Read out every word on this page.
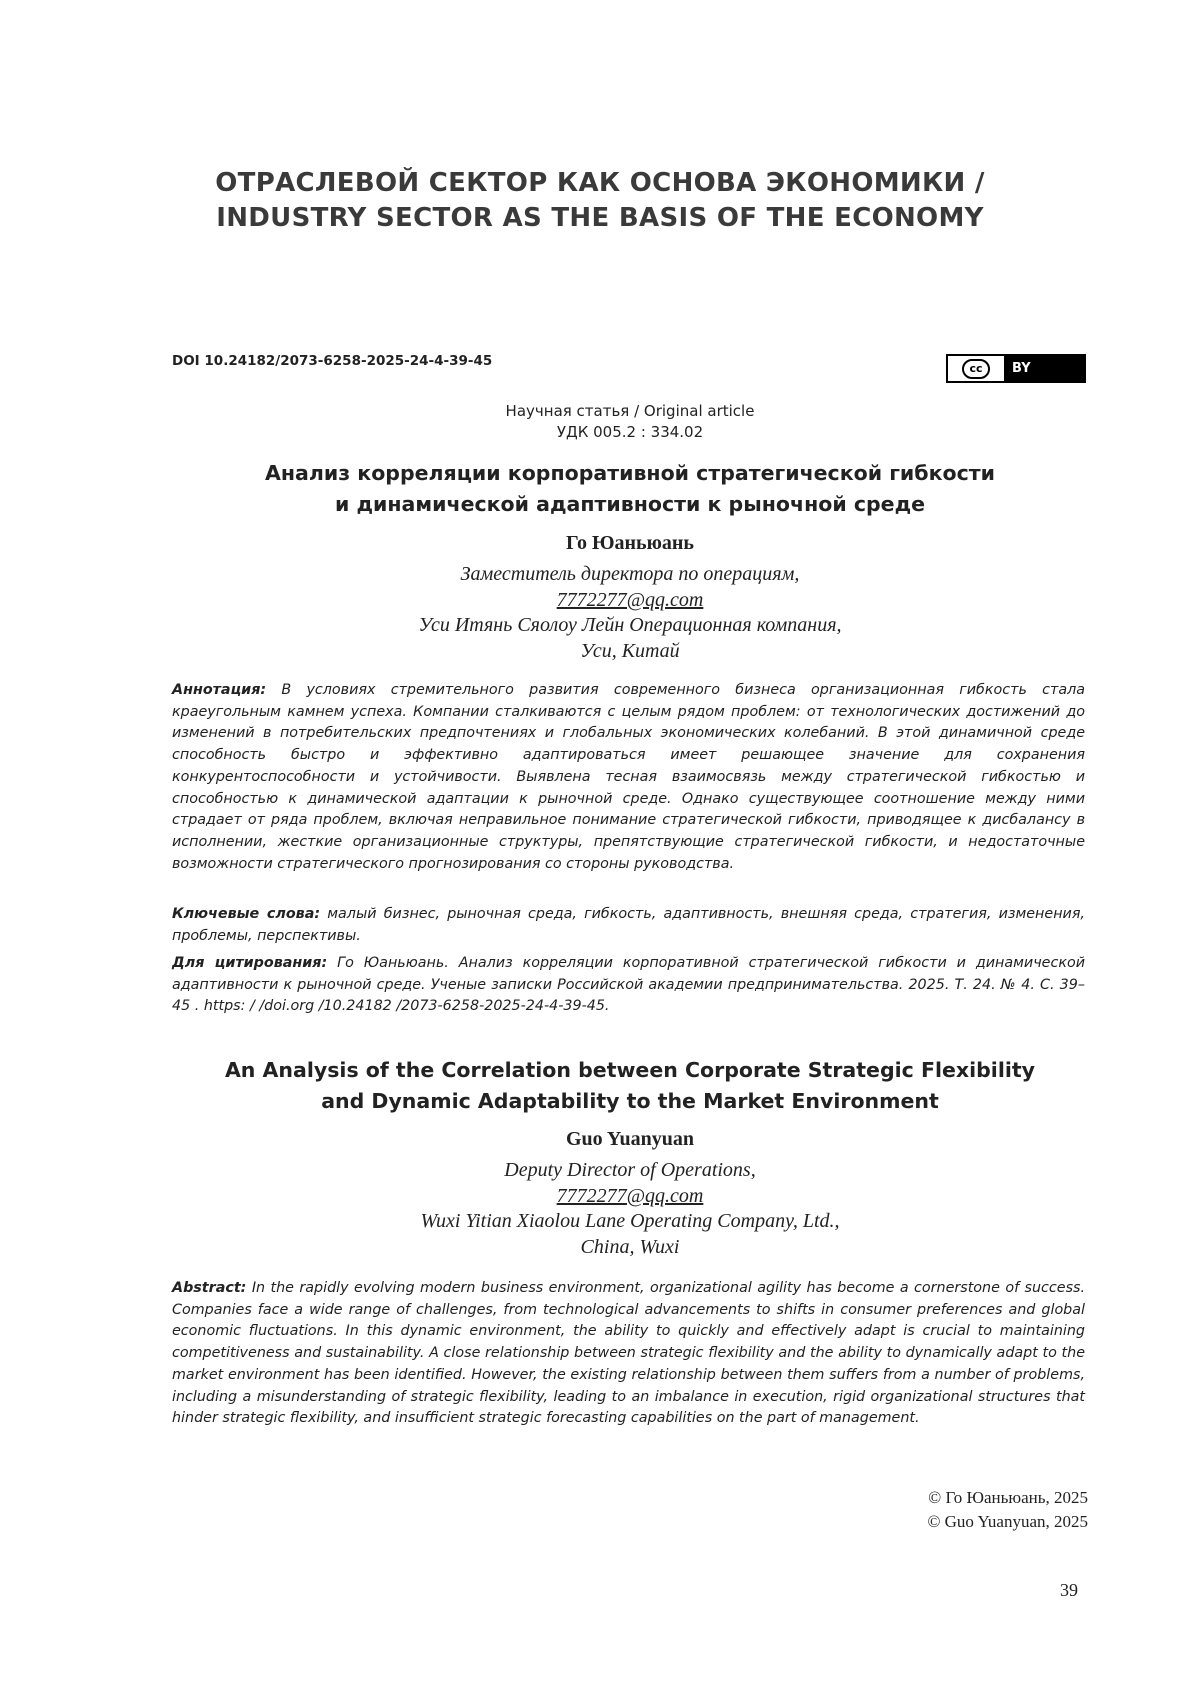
ОТРАСЛЕВОЙ СЕКТОР КАК ОСНОВА ЭКОНОМИКИ /
INDUSTRY SECTOR AS THE BASIS OF THE ECONOMY
DOI 10.24182/2073-6258-2025-24-4-39-45	cc	BY
Научная статья / Original article
УДК 005.2 : 334.02
Анализ корреляции корпоративной стратегической гибкости
и динамической адаптивности к рыночной среде
Го Юаньюань
Заместитель директора по операциям,
7772277@qq.com
Уси Итянь Сяолоу Лейн Операционная компания,
Уси, Китай
Аннотация: В условиях стремительного развития современного бизнеса организационная гибкость стала краеугольным камнем успеха. Компании сталкиваются с целым рядом проблем: от технологических достижений до изменений в потребительских предпочтениях и глобальных экономических колебаний. В этой динамичной среде способность быстро и эффективно адаптироваться имеет решающее значение для сохранения конкурентоспособности и устойчивости. Выявлена тесная взаимосвязь между стратегической гибкостью и способностью к динамической адаптации к рыночной среде. Однако существующее соотношение между ними страдает от ряда проблем, включая неправильное понимание стратегической гибкости, приводящее к дисбалансу в исполнении, жесткие организационные структуры, препятствующие стратегической гибкости, и недостаточные возможности стратегического прогнозирования со стороны руководства.
Ключевые слова: малый бизнес, рыночная среда, гибкость, адаптивность, внешняя среда, стратегия, изменения, проблемы, перспективы.
Для цитирования: Го Юаньюань. Анализ корреляции корпоративной стратегической гибкости и динамической адаптивности к рыночной среде. Ученые записки Российской академии предпринимательства. 2025. Т. 24. № 4. С. 39–45 . https: / /doi.org /10.24182 /2073-6258-2025-24-4-39-45.
An Analysis of the Correlation between Corporate Strategic Flexibility
and Dynamic Adaptability to the Market Environment
Guo Yuanyuan
Deputy Director of Operations,
7772277@qq.com
Wuxi Yitian Xiaolou Lane Operating Company, Ltd.,
China, Wuxi
Abstract: In the rapidly evolving modern business environment, organizational agility has become a cornerstone of success. Companies face a wide range of challenges, from technological advancements to shifts in consumer preferences and global economic fluctuations. In this dynamic environment, the ability to quickly and effectively adapt is crucial to maintaining competitiveness and sustainability. A close relationship between strategic flexibility and the ability to dynamically adapt to the market environment has been identified. However, the existing relationship between them suffers from a number of problems, including a misunderstanding of strategic flexibility, leading to an imbalance in execution, rigid organizational structures that hinder strategic flexibility, and insufficient strategic forecasting capabilities on the part of management.
© Го Юаньюань, 2025
© Guo Yuanyuan, 2025
39
